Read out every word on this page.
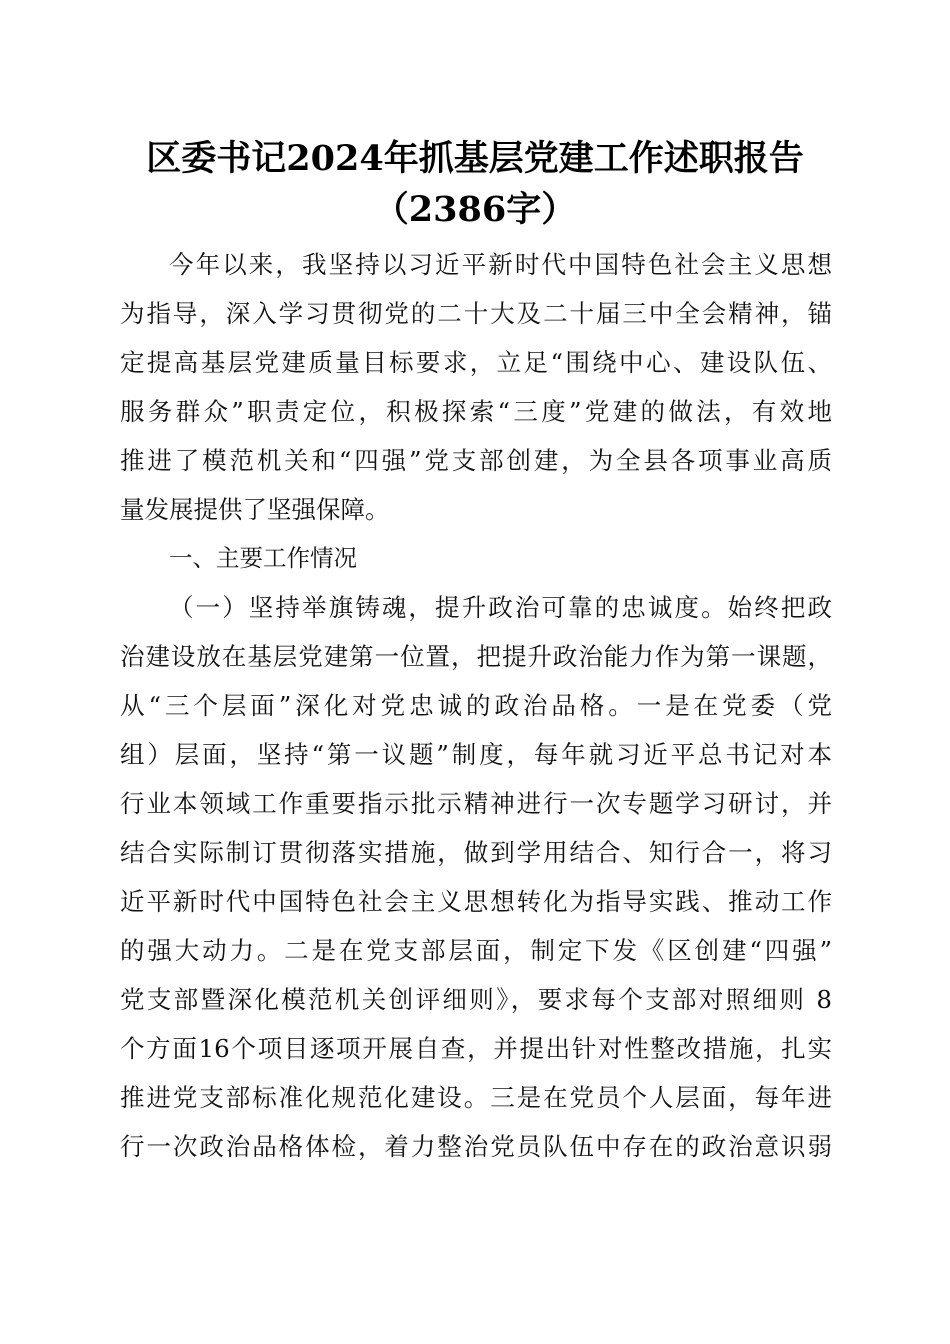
区委书记2024年抓基层党建工作述职报告
（2386字）
今年以来，我坚持以习近平新时代中国特色社会主义思想
为指导，深入学习贯彻党的二十大及二十届三中全会精神，锚
定提高基层党建质量目标要求，立足“围绕中心、建设队伍、
服务群众”职责定位，积极探索“三度”党建的做法，有效地
推进了模范机关和“四强”党支部创建，为全县各项事业高质
量发展提供了坚强保障。
一、主要工作情况
（一）坚持举旗铸魂，提升政治可靠的忠诚度。始终把政
治建设放在基层党建第一位置，把提升政治能力作为第一课题，
从“三个层面”深化对党忠诚的政治品格。一是在党委（党
组）层面，坚持“第一议题”制度，每年就习近平总书记对本
行业本领域工作重要指示批示精神进行一次专题学习研讨，并
结合实际制订贯彻落实措施，做到学用结合、知行合一，将习
近平新时代中国特色社会主义思想转化为指导实践、推动工作
的强大动力。二是在党支部层面，制定下发《区创建“四强”
党支部暨深化模范机关创评细则》，要求每个支部对照细则 8
个方面16个项目逐项开展自查，并提出针对性整改措施，扎实
推进党支部标准化规范化建设。三是在党员个人层面，每年进
行一次政治品格体检，着力整治党员队伍中存在的政治意识弱
